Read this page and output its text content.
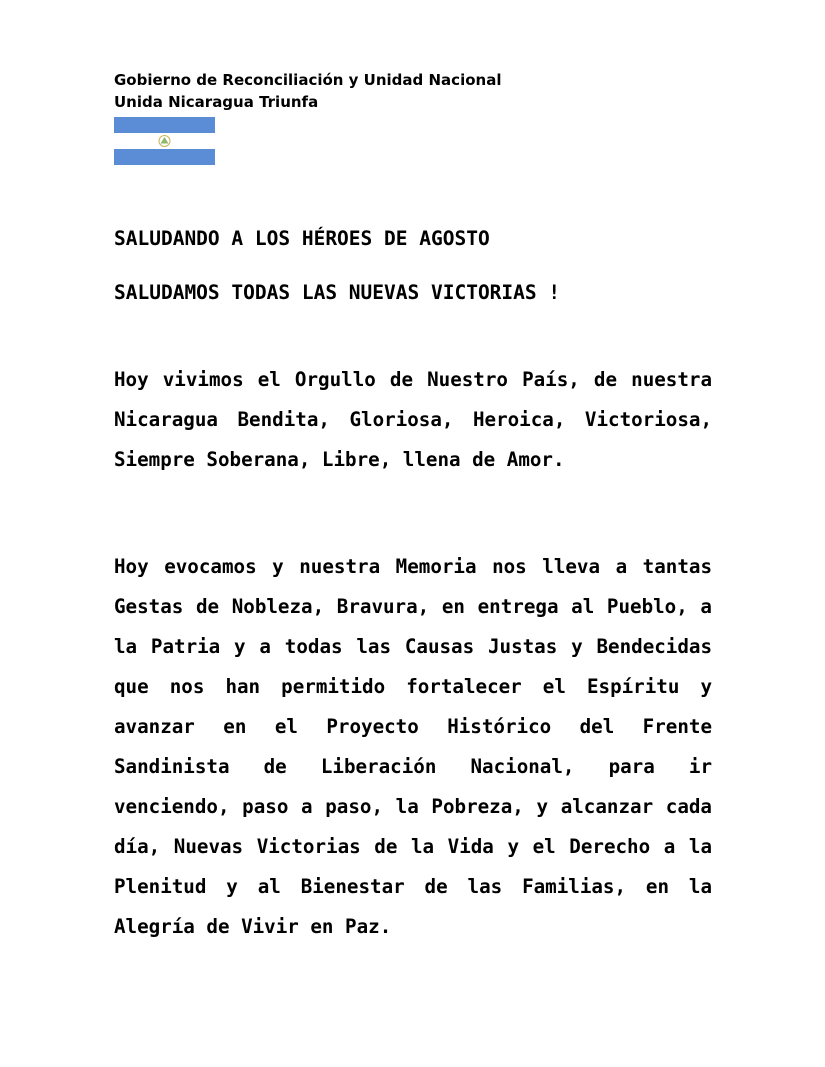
Gobierno de Reconciliación y Unidad Nacional
Unida Nicaragua Triunfa
SALUDANDO A LOS HÉROES DE AGOSTO
SALUDAMOS TODAS LAS NUEVAS VICTORIAS !

Hoy vivimos el Orgullo de Nuestro País, de nuestra Nicaragua Bendita, Gloriosa, Heroica, Victoriosa, Siempre Soberana, Libre, llena de Amor.

Hoy evocamos y nuestra Memoria nos lleva a tantas Gestas de Nobleza, Bravura, en entrega al Pueblo, a la Patria y a todas las Causas Justas y Bendecidas que nos han permitido fortalecer el Espíritu y avanzar en el Proyecto Histórico del Frente Sandinista de Liberación Nacional, para ir venciendo, paso a paso, la Pobreza, y alcanzar cada día, Nuevas Victorias de la Vida y el Derecho a la Plenitud y al Bienestar de las Familias, en la Alegría de Vivir en Paz.
